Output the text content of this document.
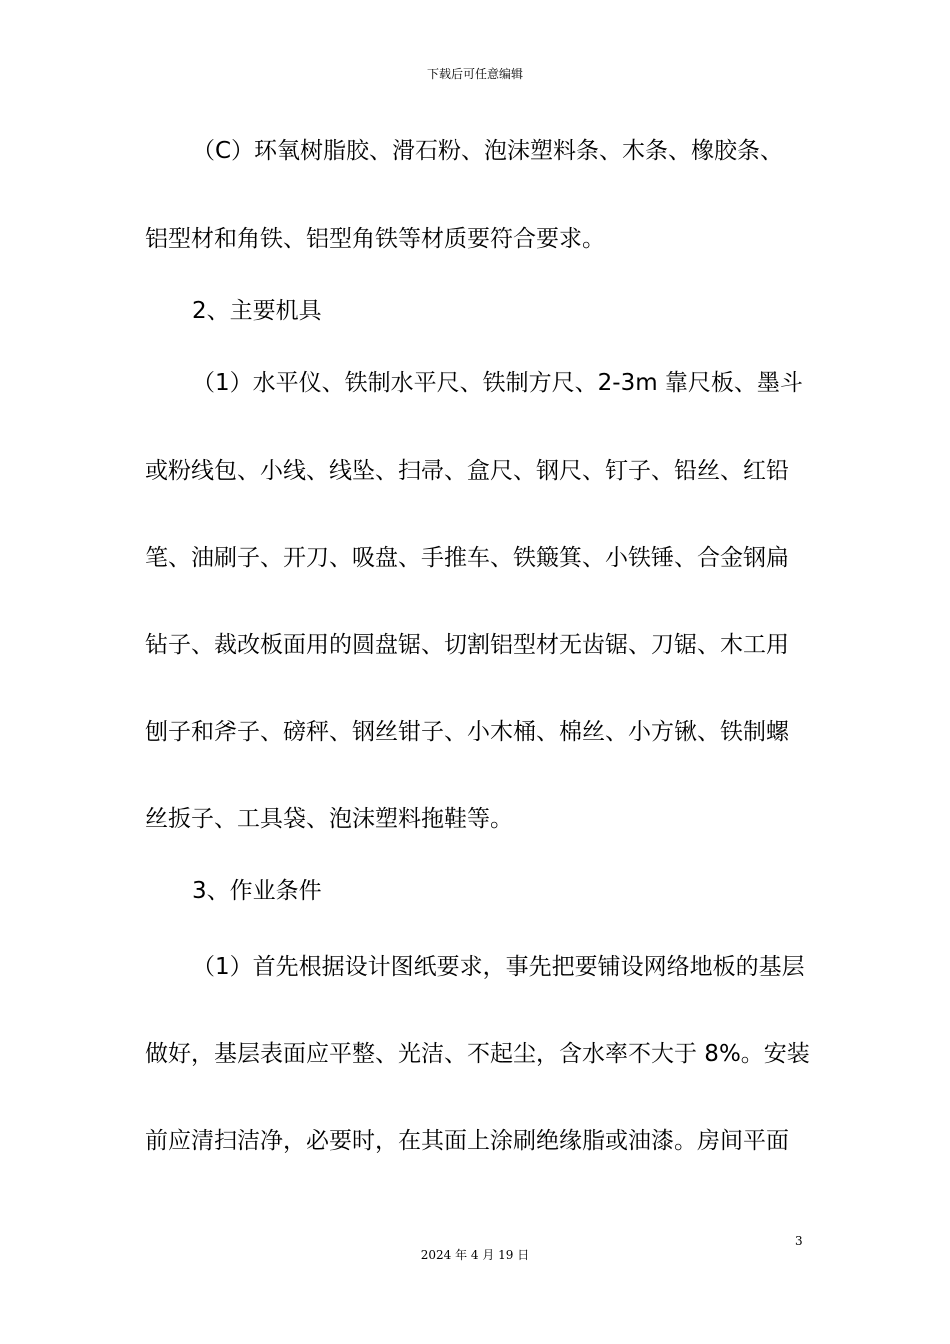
下载后可任意编辑
（C）环氧树脂胶、滑石粉、泡沫塑料条、木条、橡胶条、
铝型材和角铁、铝型角铁等材质要符合要求。
2、主要机具
（1）水平仪、铁制水平尺、铁制方尺、2-3m 靠尺板、墨斗
或粉线包、小线、线坠、扫帚、盒尺、钢尺、钉子、铅丝、红铅
笔、油刷子、开刀、吸盘、手推车、铁簸箕、小铁锤、合金钢扁
钻子、裁改板面用的圆盘锯、切割铝型材无齿锯、刀锯、木工用
刨子和斧子、磅秤、钢丝钳子、小木桶、棉丝、小方锹、铁制螺
丝扳子、工具袋、泡沫塑料拖鞋等。
3、作业条件
（1）首先根据设计图纸要求，事先把要铺设网络地板的基层
做好，基层表面应平整、光洁、不起尘，含水率不大于 8%。安装
前应清扫洁净，必要时，在其面上涂刷绝缘脂或油漆。房间平面
3
2024 年 4 月 19 日
